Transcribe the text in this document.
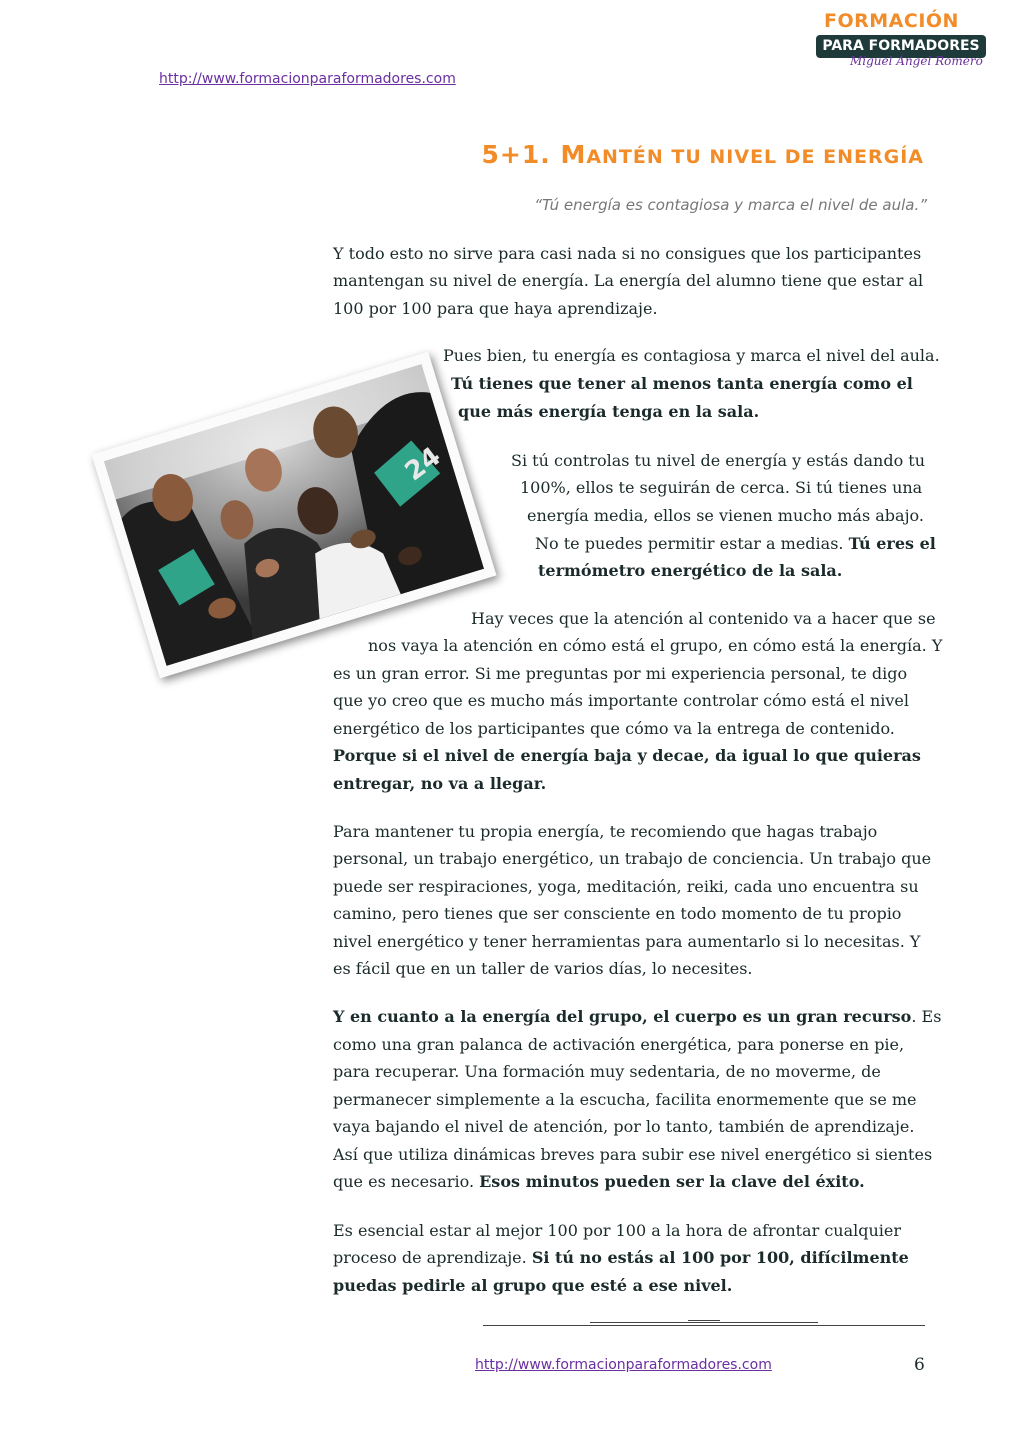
http://www.formacionparaformadores.com
FORMACIÓN
PARA FORMADORES
Miguel Ángel Romero
5+1. MANTÉN TU NIVEL DE ENERGÍA
“Tú energía es contagiosa y marca el nivel de aula.”

Y todo esto no sirve para casi nada si no consigues que los participantes

mantengan su nivel de energía. La energía del alumno tiene que estar al

100 por 100 para que haya aprendizaje.

Pues bien, tu energía es contagiosa y marca el nivel del aula.

Tú tienes que tener al menos tanta energía como el

que más energía tenga en la sala.

Si tú controlas tu nivel de energía y estás dando tu

100%, ellos te seguirán de cerca. Si tú tienes una

energía media, ellos se vienen mucho más abajo.

No te puedes permitir estar a medias. Tú eres el

termómetro energético de la sala.

Hay veces que la atención al contenido va a hacer que se

nos vaya la atención en cómo está el grupo, en cómo está la energía. Y

es un gran error. Si me preguntas por mi experiencia personal, te digo

que yo creo que es mucho más importante controlar cómo está el nivel

energético de los participantes que cómo va la entrega de contenido.

Porque si el nivel de energía baja y decae, da igual lo que quieras

entregar, no va a llegar.

Para mantener tu propia energía, te recomiendo que hagas trabajo

personal, un trabajo energético, un trabajo de conciencia. Un trabajo que

puede ser respiraciones, yoga, meditación, reiki, cada uno encuentra su

camino, pero tienes que ser consciente en todo momento de tu propio

nivel energético y tener herramientas para aumentarlo si lo necesitas. Y

es fácil que en un taller de varios días, lo necesites.

Y en cuanto a la energía del grupo, el cuerpo es un gran recurso. Es

como una gran palanca de activación energética, para ponerse en pie,

para recuperar. Una formación muy sedentaria, de no moverme, de

permanecer simplemente a la escucha, facilita enormemente que se me

vaya bajando el nivel de atención, por lo tanto, también de aprendizaje.

Así que utiliza dinámicas breves para subir ese nivel energético si sientes

que es necesario. Esos minutos pueden ser la clave del éxito.

Es esencial estar al mejor 100 por 100 a la hora de afrontar cualquier

proceso de aprendizaje. Si tú no estás al 100 por 100, difícilmente

puedas pedirle al grupo que esté a ese nivel.

24
http://www.formacionparaformadores.com	6
